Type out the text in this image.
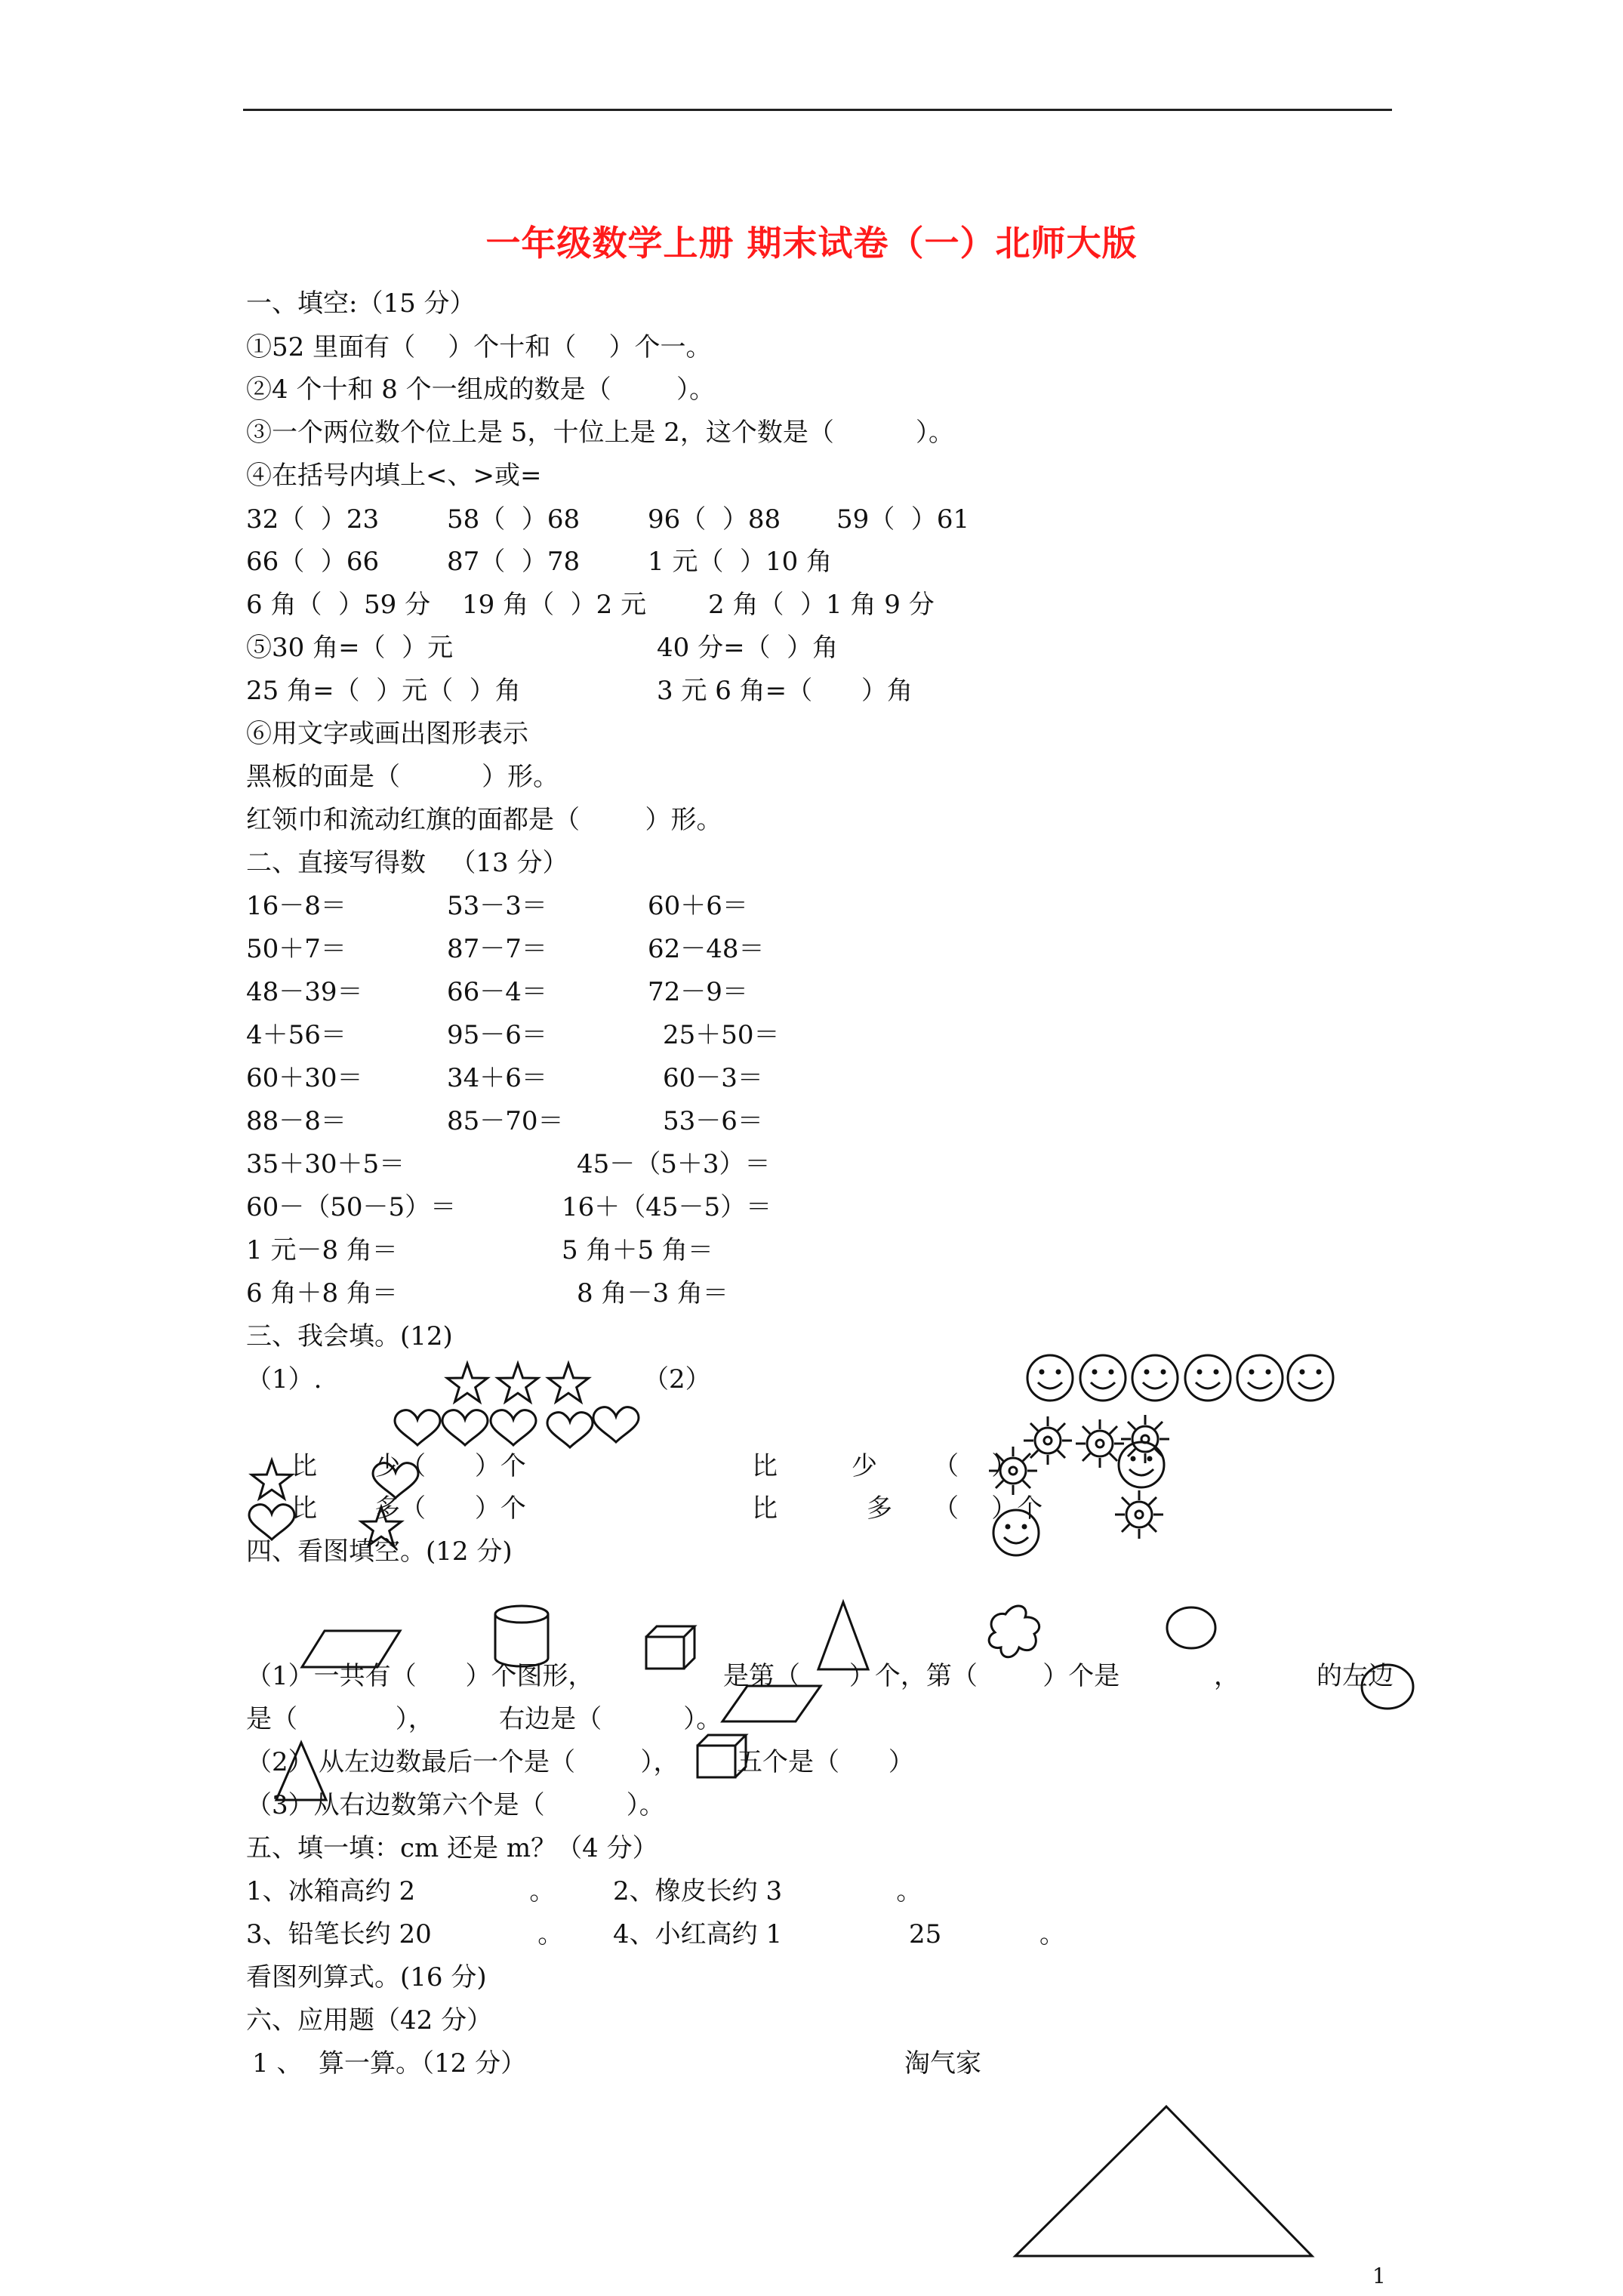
一年级数学上册 期末试卷（一）北师大版
一、填空:（15 分）
①52 里面有（    ）个十和（    ）个一。
②4 个十和 8 个一组成的数是（        ）。
③一个两位数个位上是 5，十位上是 2，这个数是（          ）。
④在括号内填上<、>或=
32（  ）23	58（  ）68	96（  ）88 59（  ）61
66（  ）66	87（  ）78	1 元（  ）10 角
6 角（  ）59 分 19 角（  ）2 元 2 角（  ）1 角 9 分
⑤30 角=（  ）元	40 分=（  ）角
25 角=（  ）元（  ）角	3 元 6 角=（      ）角
⑥用文字或画出图形表示
黑板的面是（          ）形。
红领巾和流动红旗的面都是（        ）形。
二、直接写得数   （13 分）
16－8＝	53－3＝	60＋6＝
50＋7＝	87－7＝	62－48＝
48－39＝	66－4＝	72－9＝
4＋56＝	95－6＝	25＋50＝
60＋30＝	34＋6＝	60－3＝
88－8＝	85－70＝	53－6＝
35＋30＋5＝	45－（5＋3）＝
60－（50－5）＝	16＋（45－5）＝
1 元－8 角＝	5 角＋5 角＝
6 角＋8 角＝	8 角－3 角＝
三、我会填。(12)
（1）.	（2）
比 少（      ）个
比 多（      ）个
比	少 （    ）
比	多 （    ）个
四、看图填空。(12 分)
（1）一共有（      ）个图形，	是第（      ）个，第（        ）个是	，	的左边
是（            ），        右边是（          ）。
（2） 从左边数最后一个是（        ）， 五个是（      ）
（3）从右边数第六个是（          ）。
五、填一填：cm 还是 m？（4 分）
1、冰箱高约 2              。 2、橡皮长约 3              。
3、铅笔长约 20             。 4、小红高约 1	25            。
看图列算式。(16 分)
六、应用题（42 分）
1 、  算一算。（12 分）	淘气家
1
